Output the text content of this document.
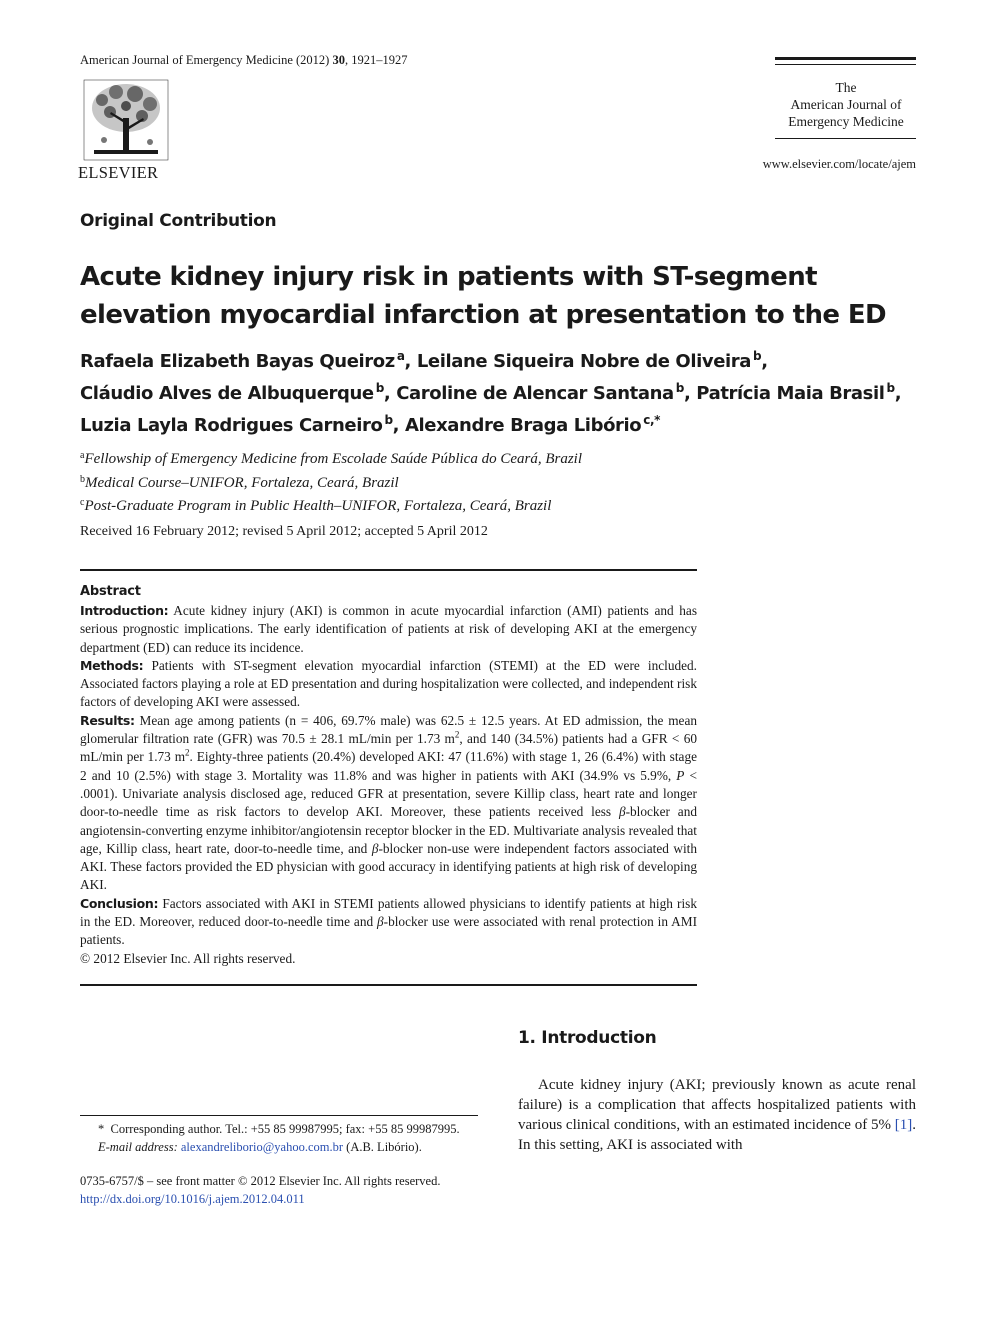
American Journal of Emergency Medicine (2012) 30, 1921–1927
ELSEVIER
The
American Journal of
Emergency Medicine
www.elsevier.com/locate/ajem
Original Contribution
Acute kidney injury risk in patients with ST-segment elevation myocardial infarction at presentation to the ED
Rafaela Elizabeth Bayas Queiroz $^a$, Leilane Siqueira Nobre de Oliveira $^b$,
Cláudio Alves de Albuquerque $^b$, Caroline de Alencar Santana $^b$, Patrícia Maia Brasil $^b$,
Luzia Layla Rodrigues Carneiro $^b$, Alexandre Braga Libório $^{c,*}$
$^a$Fellowship of Emergency Medicine from Escolade Saúde Pública do Ceará, Brazil
$^b$Medical Course–UNIFOR, Fortaleza, Ceará, Brazil
$^c$Post-Graduate Program in Public Health–UNIFOR, Fortaleza, Ceará, Brazil
Received 16 February 2012; revised 5 April 2012; accepted 5 April 2012
Abstract

Introduction: Acute kidney injury (AKI) is common in acute myocardial infarction (AMI) patients and has serious prognostic implications. The early identification of patients at risk of developing AKI at the emergency department (ED) can reduce its incidence.

Methods: Patients with ST-segment elevation myocardial infarction (STEMI) at the ED were included. Associated factors playing a role at ED presentation and during hospitalization were collected, and independent risk factors of developing AKI were assessed.

Results: Mean age among patients (n = 406, 69.7% male) was 62.5 ± 12.5 years. At ED admission, the mean glomerular filtration rate (GFR) was 70.5 ± 28.1 mL/min per 1.73 $m^2$, and 140 (34.5%) patients had a GFR < 60 mL/min per 1.73 $m^2$. Eighty-three patients (20.4%) developed AKI: 47 (11.6%) with stage 1, 26 (6.4%) with stage 2 and 10 (2.5%) with stage 3. Mortality was 11.8% and was higher in patients with AKI (34.9% vs 5.9%, P < .0001). Univariate analysis disclosed age, reduced GFR at presentation, severe Killip class, heart rate and longer door-to-needle time as risk factors to develop AKI. Moreover, these patients received less β-blocker and angiotensin-converting enzyme inhibitor/angiotensin receptor blocker in the ED. Multivariate analysis revealed that age, Killip class, heart rate, door-to-needle time, and β-blocker non-use were independent factors associated with AKI. These factors provided the ED physician with good accuracy in identifying patients at high risk of developing AKI.

Conclusion: Factors associated with AKI in STEMI patients allowed physicians to identify patients at high risk in the ED. Moreover, reduced door-to-needle time and β-blocker use were associated with renal protection in AMI patients.

© 2012 Elsevier Inc. All rights reserved.

1. Introduction
Acute kidney injury (AKI; previously known as acute renal failure) is a complication that affects hospitalized patients with various clinical conditions, with an estimated incidence of 5% [1]. In this setting, AKI is associated with
* Corresponding author. Tel.: +55 85 99987995; fax: +55 85 99987995.
E-mail address: alexandreliborio@yahoo.com.br (A.B. Libório).
0735-6757/$ – see front matter © 2012 Elsevier Inc. All rights reserved.
http://dx.doi.org/10.1016/j.ajem.2012.04.011
